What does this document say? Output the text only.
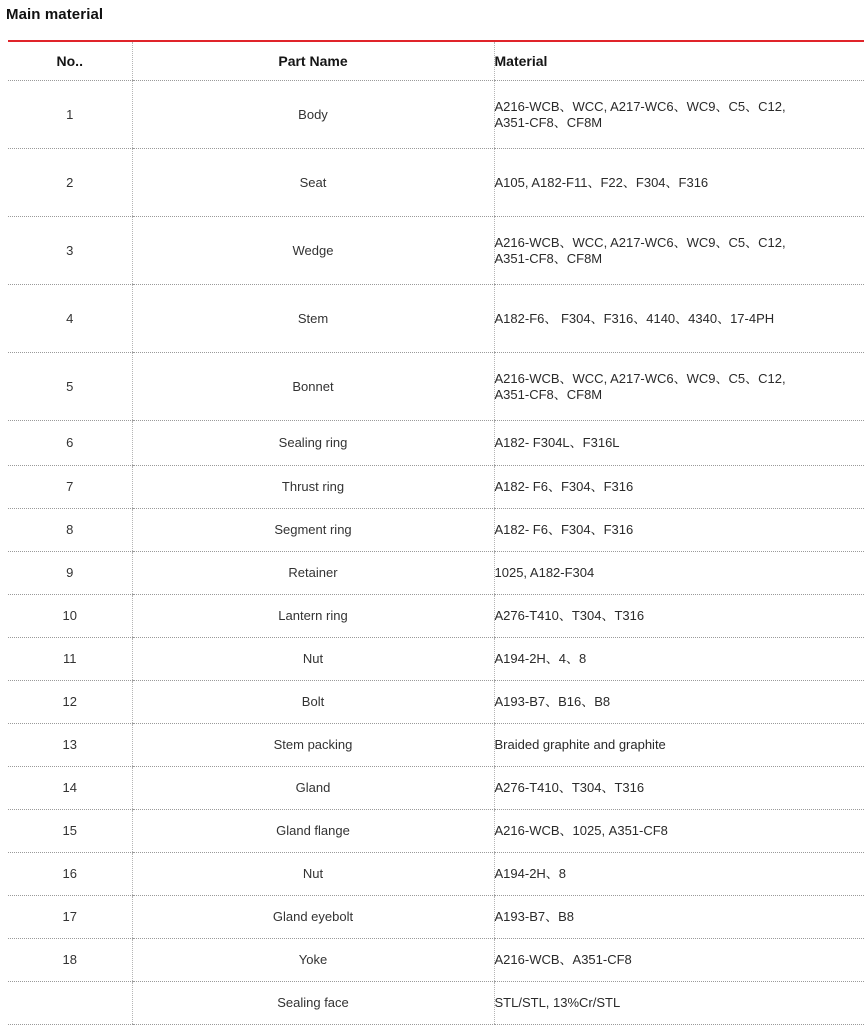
Main material
No..	Part Name	Material
1	Body	A216-WCB、WCC, A217-WC6、WC9、C5、C12,
A351-CF8、CF8M
2	Seat	A105, A182-F11、F22、F304、F316
3	Wedge	A216-WCB、WCC, A217-WC6、WC9、C5、C12,
A351-CF8、CF8M
4	Stem	A182-F6、 F304、F316、4140、4340、17-4PH
5	Bonnet	A216-WCB、WCC, A217-WC6、WC9、C5、C12,
A351-CF8、CF8M
6	Sealing ring	A182- F304L、F316L
7	Thrust ring	A182- F6、F304、F316
8	Segment ring	A182- F6、F304、F316
9	Retainer	1025, A182-F304
10	Lantern ring	A276-T410、T304、T316
11	Nut	A194-2H、4、8
12	Bolt	A193-B7、B16、B8
13	Stem packing	Braided graphite and graphite
14	Gland	A276-T410、T304、T316
15	Gland flange	A216-WCB、1025, A351-CF8
16	Nut	A194-2H、8
17	Gland eyebolt	A193-B7、B8
18	Yoke	A216-WCB、A351-CF8
	Sealing face	STL/STL, 13%Cr/STL
